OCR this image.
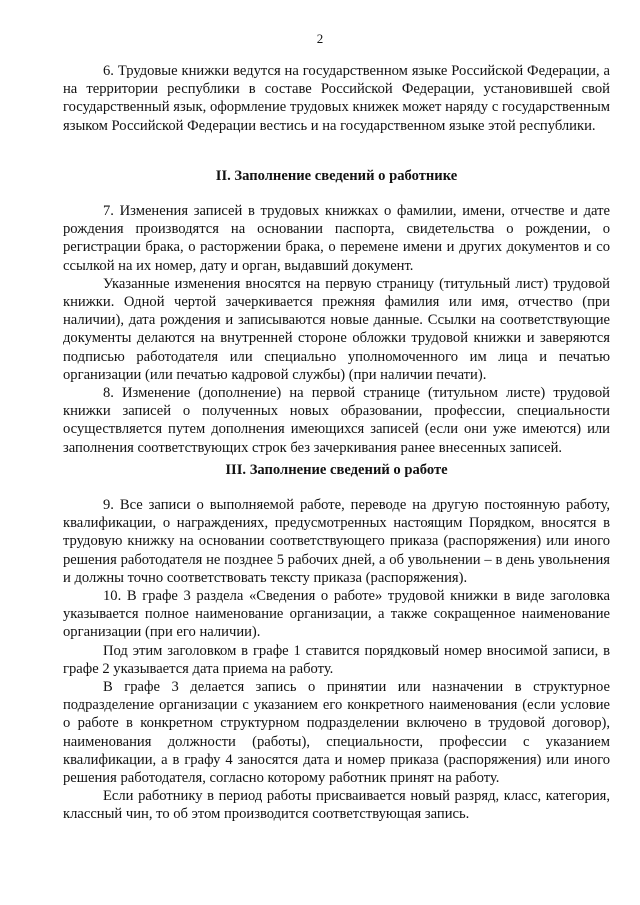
2

6. Трудовые книжки ведутся на государственном языке Российской Федерации, а на территории республики в составе Российской Федерации, установившей свой государственный язык, оформление трудовых книжек может наряду с государственным языком Российской Федерации вестись и на государственном языке этой республики.

II. Заполнение сведений о работнике

7. Изменения записей в трудовых книжках о фамилии, имени, отчестве и дате рождения производятся на основании паспорта, свидетельства о рождении, о регистрации брака, о расторжении брака, о перемене имени и других документов и со ссылкой на их номер, дату и орган, выдавший документ.

Указанные изменения вносятся на первую страницу (титульный лист) трудовой книжки. Одной чертой зачеркивается прежняя фамилия или имя, отчество (при наличии), дата рождения и записываются новые данные. Ссылки на соответствующие документы делаются на внутренней стороне обложки трудовой книжки и заверяются подписью работодателя или специально уполномоченного им лица и печатью организации (или печатью кадровой службы) (при наличии печати).

8. Изменение (дополнение) на первой странице (титульном листе) трудовой книжки записей о полученных новых образовании, профессии, специальности осуществляется путем дополнения имеющихся записей (если они уже имеются) или заполнения соответствующих строк без зачеркивания ранее внесенных записей.

III. Заполнение сведений о работе

9. Все записи о выполняемой работе, переводе на другую постоянную работу, квалификации, о награждениях, предусмотренных настоящим Порядком, вносятся в трудовую книжку на основании соответствующего приказа (распоряжения) или иного решения работодателя не позднее 5 рабочих дней, а об увольнении – в день увольнения и должны точно соответствовать тексту приказа (распоряжения).

10. В графе 3 раздела «Сведения о работе» трудовой книжки в виде заголовка указывается полное наименование организации, а также сокращенное наименование организации (при его наличии).

Под этим заголовком в графе 1 ставится порядковый номер вносимой записи, в графе 2 указывается дата приема на работу.

В графе 3 делается запись о принятии или назначении в структурное подразделение организации с указанием его конкретного наименования (если условие о работе в конкретном структурном подразделении включено в трудовой договор), наименования должности (работы), специальности, профессии с указанием квалификации, а в графу 4 заносятся дата и номер приказа (распоряжения) или иного решения работодателя, согласно которому работник принят на работу.

Если работнику в период работы присваивается новый разряд, класс, категория, классный чин, то об этом производится соответствующая запись.
